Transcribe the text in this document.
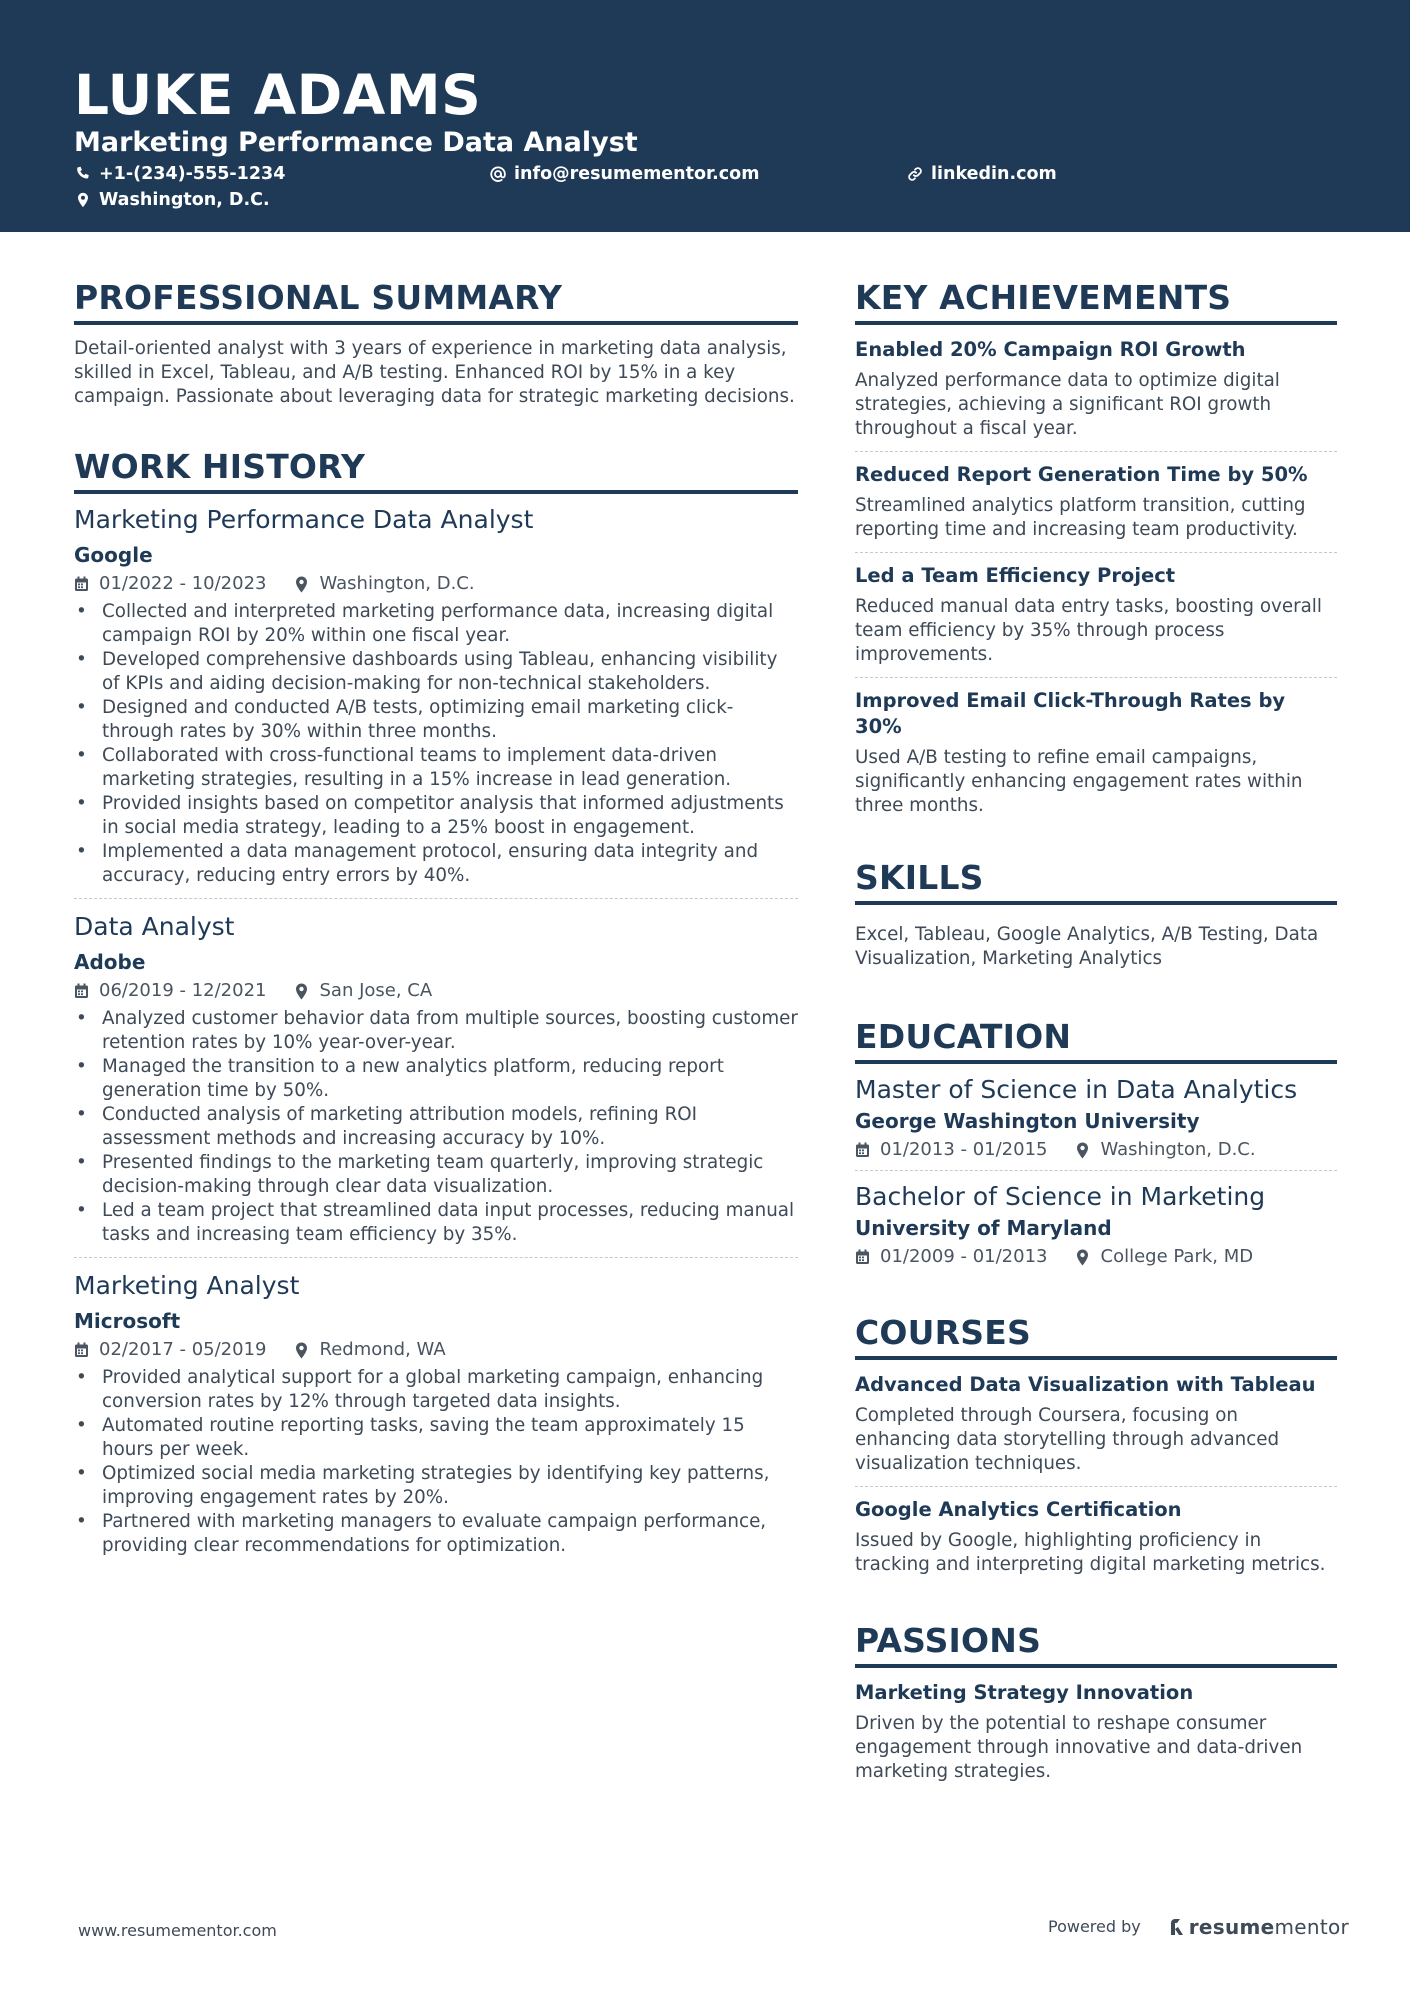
LUKE ADAMS
Marketing Performance Data Analyst
+1-(234)-555-1234	info@resumementor.com	linkedin.com
Washington, D.C.
PROFESSIONAL SUMMARY
Detail-oriented analyst with 3 years of experience in marketing data analysis, skilled in Excel, Tableau, and A/B testing. Enhanced ROI by 15% in a key campaign. Passionate about leveraging data for strategic marketing decisions.
WORK HISTORY
Marketing Performance Data Analyst
Google
01/2022 - 10/2023	Washington, D.C.
• Collected and interpreted marketing performance data, increasing digital campaign ROI by 20% within one fiscal year.
• Developed comprehensive dashboards using Tableau, enhancing visibility of KPIs and aiding decision-making for non-technical stakeholders.
• Designed and conducted A/B tests, optimizing email marketing click-through rates by 30% within three months.
• Collaborated with cross-functional teams to implement data-driven marketing strategies, resulting in a 15% increase in lead generation.
• Provided insights based on competitor analysis that informed adjustments in social media strategy, leading to a 25% boost in engagement.
• Implemented a data management protocol, ensuring data integrity and accuracy, reducing entry errors by 40%.
Data Analyst
Adobe
06/2019 - 12/2021	San Jose, CA
• Analyzed customer behavior data from multiple sources, boosting customer retention rates by 10% year-over-year.
• Managed the transition to a new analytics platform, reducing report generation time by 50%.
• Conducted analysis of marketing attribution models, refining ROI assessment methods and increasing accuracy by 10%.
• Presented findings to the marketing team quarterly, improving strategic decision-making through clear data visualization.
• Led a team project that streamlined data input processes, reducing manual tasks and increasing team efficiency by 35%.
Marketing Analyst
Microsoft
02/2017 - 05/2019	Redmond, WA
• Provided analytical support for a global marketing campaign, enhancing conversion rates by 12% through targeted data insights.
• Automated routine reporting tasks, saving the team approximately 15 hours per week.
• Optimized social media marketing strategies by identifying key patterns, improving engagement rates by 20%.
• Partnered with marketing managers to evaluate campaign performance, providing clear recommendations for optimization.
KEY ACHIEVEMENTS
Enabled 20% Campaign ROI Growth
Analyzed performance data to optimize digital strategies, achieving a significant ROI growth throughout a fiscal year.
Reduced Report Generation Time by 50%
Streamlined analytics platform transition, cutting reporting time and increasing team productivity.
Led a Team Efficiency Project
Reduced manual data entry tasks, boosting overall team efficiency by 35% through process improvements.
Improved Email Click-Through Rates by 30%
Used A/B testing to refine email campaigns, significantly enhancing engagement rates within three months.
SKILLS
Excel, Tableau, Google Analytics, A/B Testing, Data Visualization, Marketing Analytics
EDUCATION
Master of Science in Data Analytics
George Washington University
01/2013 - 01/2015	Washington, D.C.
Bachelor of Science in Marketing
University of Maryland
01/2009 - 01/2013	College Park, MD
COURSES
Advanced Data Visualization with Tableau
Completed through Coursera, focusing on enhancing data storytelling through advanced visualization techniques.
Google Analytics Certification
Issued by Google, highlighting proficiency in tracking and interpreting digital marketing metrics.
PASSIONS
Marketing Strategy Innovation
Driven by the potential to reshape consumer engagement through innovative and data-driven marketing strategies.
www.resumementor.com	Powered by resume mentor
